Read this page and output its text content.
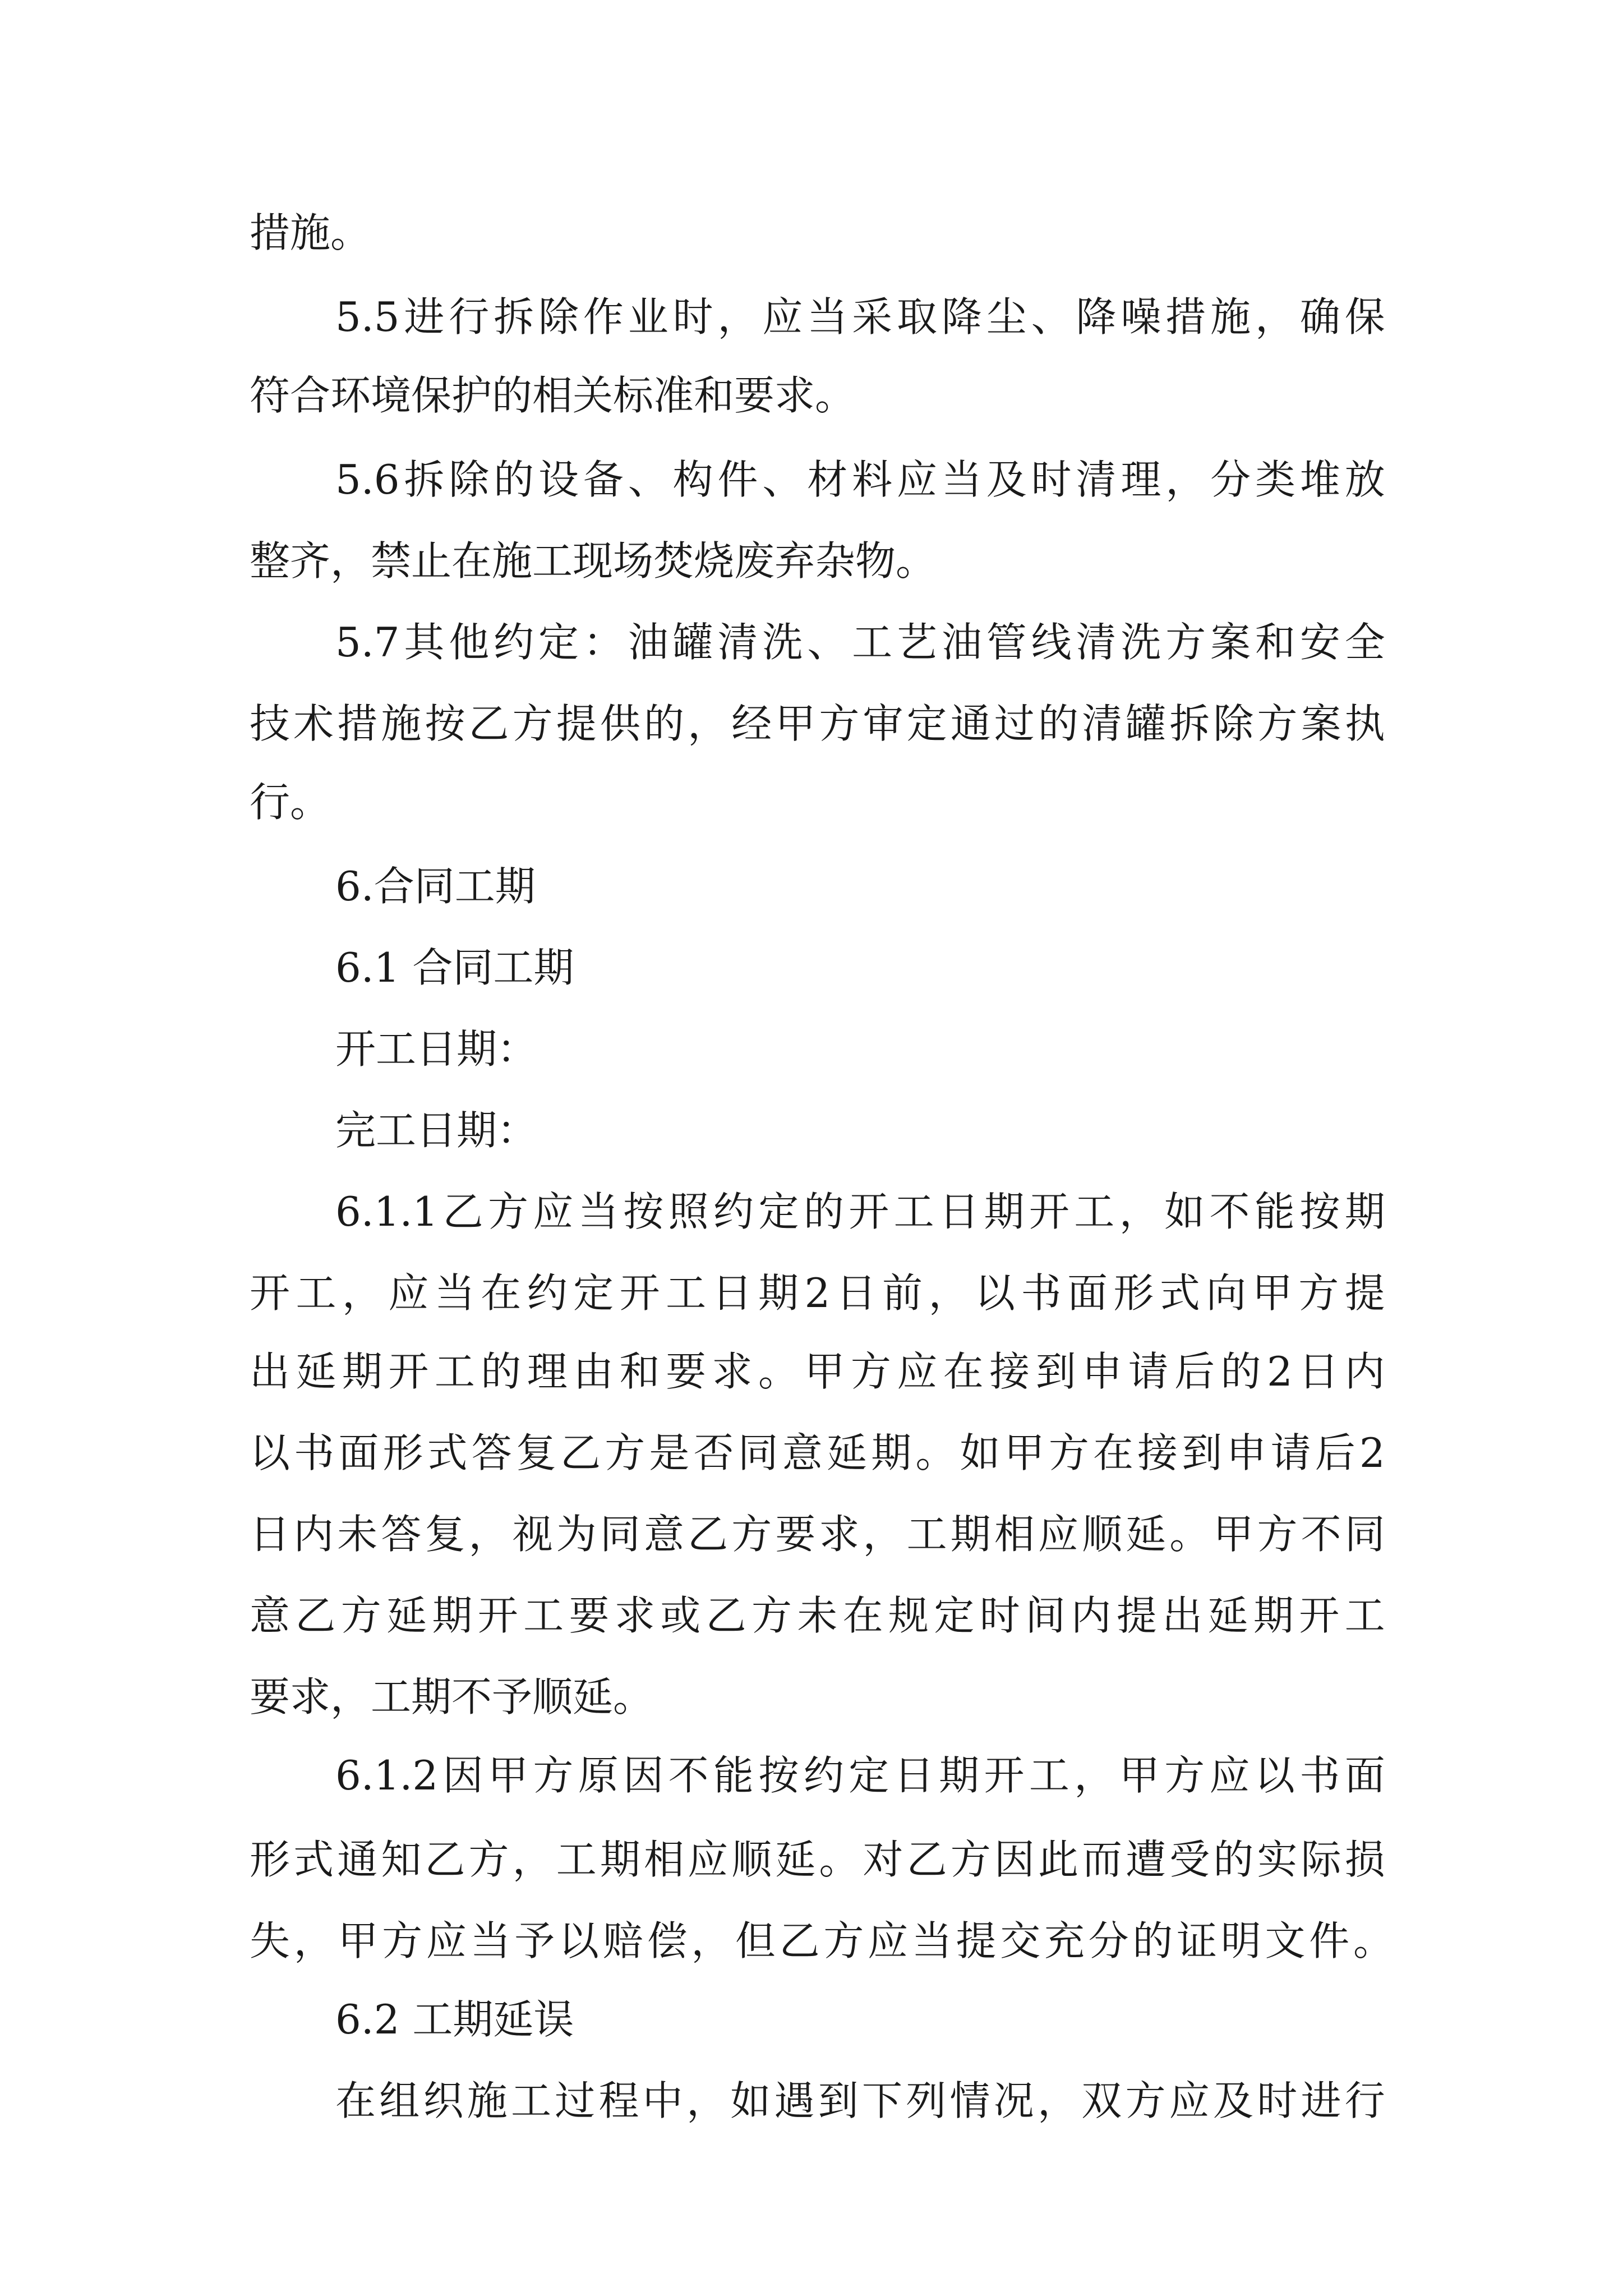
措施。

5.5 进 行 拆 除 作 业 时 ， 应 当 采 取 降 尘 、 降 噪 措 施 ， 确 保

符合环境保护的相关标准和要求。

5.6 拆 除 的 设 备 、 构 件 、 材 料 应 当 及 时 清 理 ， 分 类 堆 放

整齐，禁止在施工现场焚烧废弃杂物。

5.7 其 他 约 定 ： 油 罐 清 洗 、 工 艺 油 管 线 清 洗 方 案 和 安 全

技 术 措 施 按 乙 方 提 供 的 ， 经 甲 方 审 定 通 过 的 清 罐 拆 除 方 案 执

行。

6.合同工期

6.1 合同工期

开工日期：

完工日期：

6.1.1 乙 方 应 当 按 照 约 定 的 开 工 日 期 开 工 ， 如 不 能 按 期

开 工 ， 应 当 在 约 定 开 工 日 期 2 日 前 ， 以 书 面 形 式 向 甲 方 提

出 延 期 开 工 的 理 由 和 要 求 。 甲 方 应 在 接 到 申 请 后 的 2 日 内

以 书 面 形 式 答 复 乙 方 是 否 同 意 延 期 。 如 甲 方 在 接 到 申 请 后 2

日 内 未 答 复 ， 视 为 同 意 乙 方 要 求 ， 工 期 相 应 顺 延 。 甲 方 不 同

意 乙 方 延 期 开 工 要 求 或 乙 方 未 在 规 定 时 间 内 提 出 延 期 开 工

要求，工期不予顺延。

6.1.2 因 甲 方 原 因 不 能 按 约 定 日 期 开 工 ， 甲 方 应 以 书 面

形 式 通 知 乙 方 ， 工 期 相 应 顺 延 。 对 乙 方 因 此 而 遭 受 的 实 际 损

失 ， 甲 方 应 当 予 以 赔 偿 ， 但 乙 方 应 当 提 交 充 分 的 证 明 文 件 。

6.2 工期延误

在 组 织 施 工 过 程 中 ， 如 遇 到 下 列 情 况 ， 双 方 应 及 时 进 行
